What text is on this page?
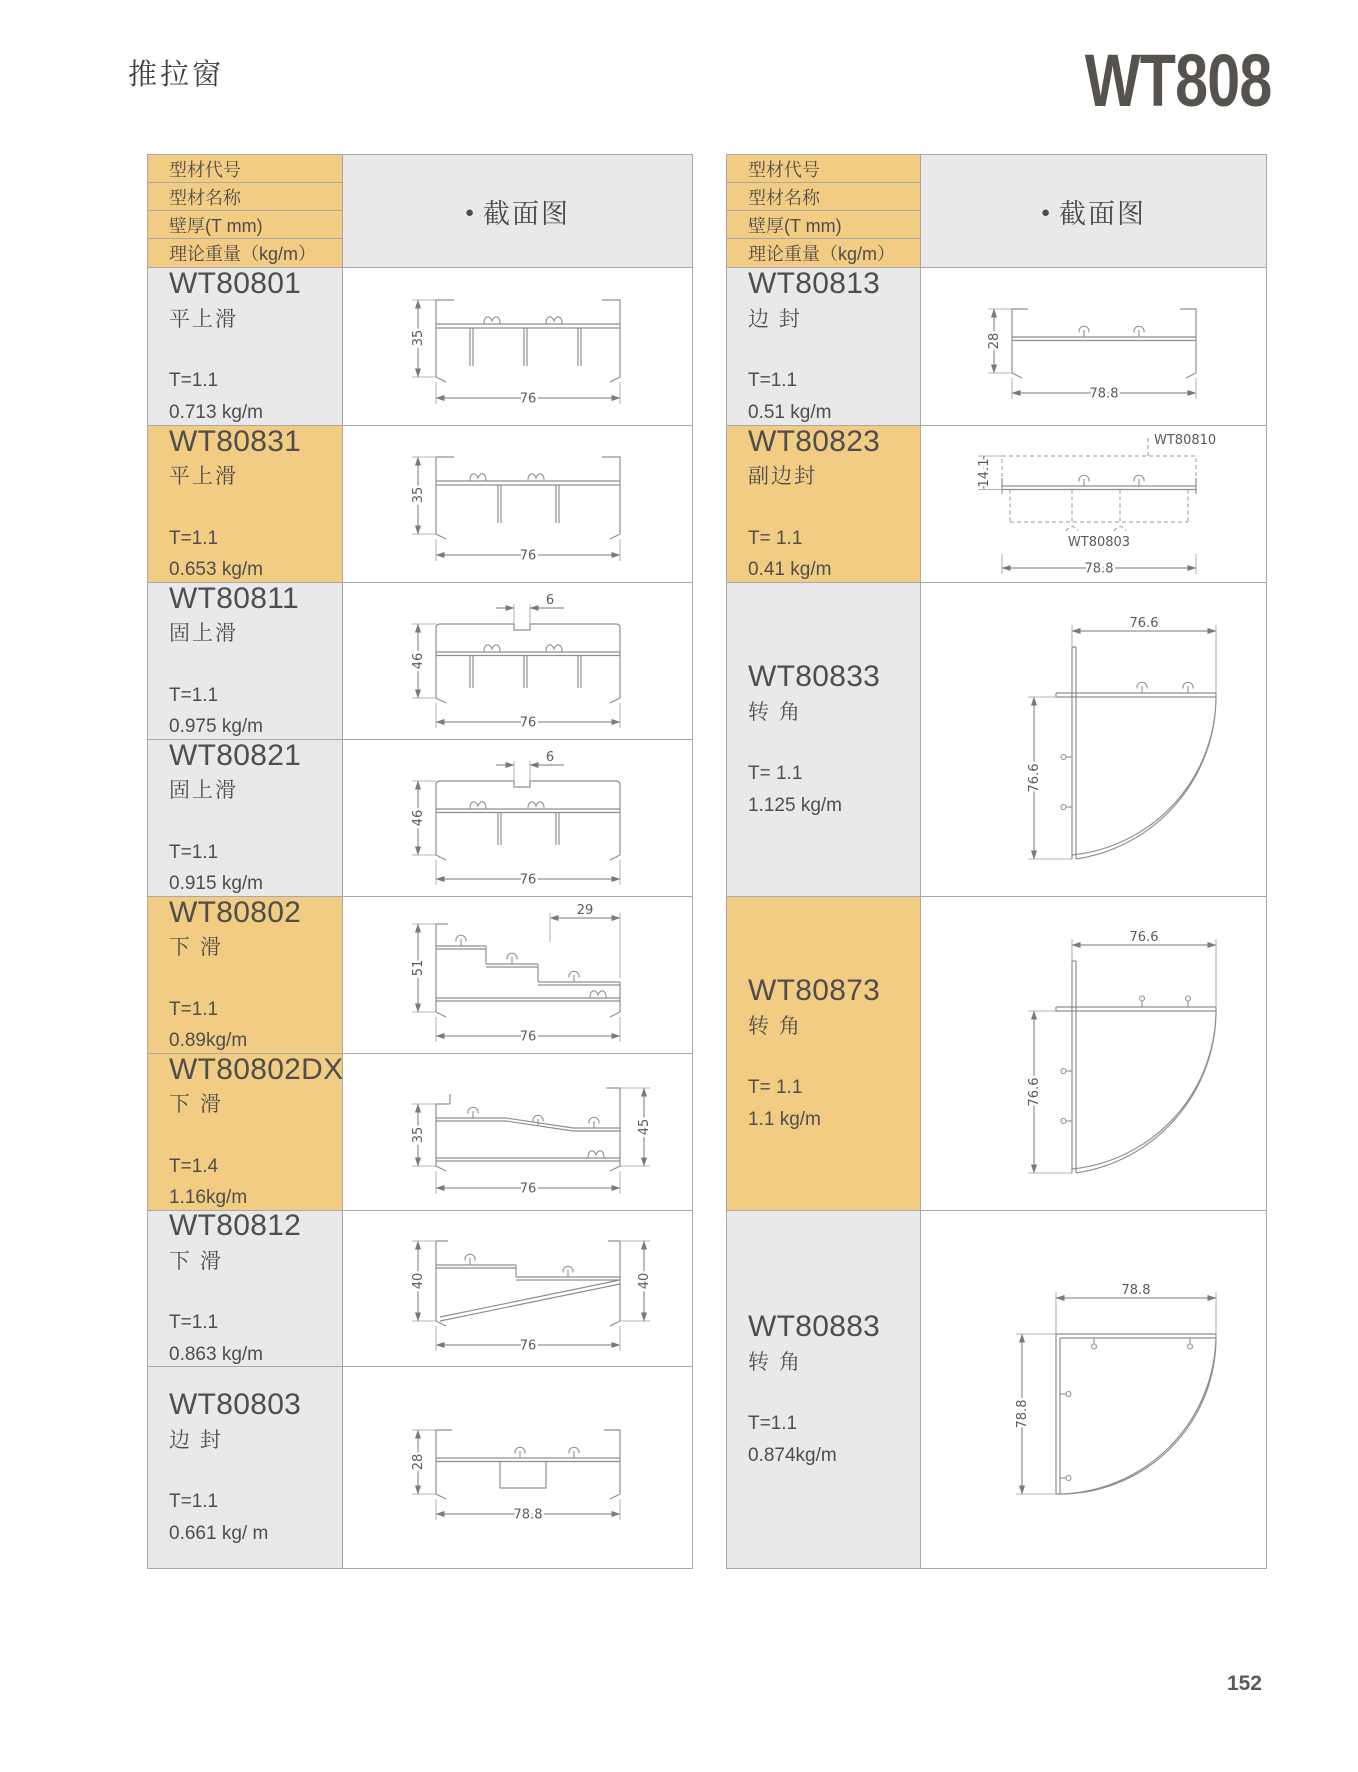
推拉窗	WT808
型材代号
● 截面图
型材名称
壁厚(T mm)
理论重量（kg/m）
WT80801
平上滑
T=1.1
0.713 kg/m
35
76
WT80831
平上滑
T=1.1
0.653 kg/m
35
76
WT80811
固上滑
T=1.1
0.975 kg/m
6
46
76
WT80821
固上滑
T=1.1
0.915 kg/m
6
46
76
WT80802
下 滑
T=1.1
0.89kg/m
29
51
76
WT80802DX
下 滑
T=1.4
1.16kg/m
35	45
76
WT80812
下 滑
T=1.1
0.863 kg/m
40	40
76
WT80803
边 封
T=1.1
0.661 kg/ m
28
78.8
型材代号
● 截面图
型材名称
壁厚(T mm)
理论重量（kg/m）
WT80813
边 封
T=1.1
0.51 kg/m
28
78.8
WT80823
副边封
T= 1.1
0.41 kg/m
WT80810
WT80803
14.1
78.8
WT80833
转 角
T= 1.1
1.125 kg/m
76.6
76.6
WT80873
转 角
T= 1.1
1.1 kg/m
76.6
76.6
WT80883
转 角
T=1.1
0.874kg/m
78.8
78.8
152
